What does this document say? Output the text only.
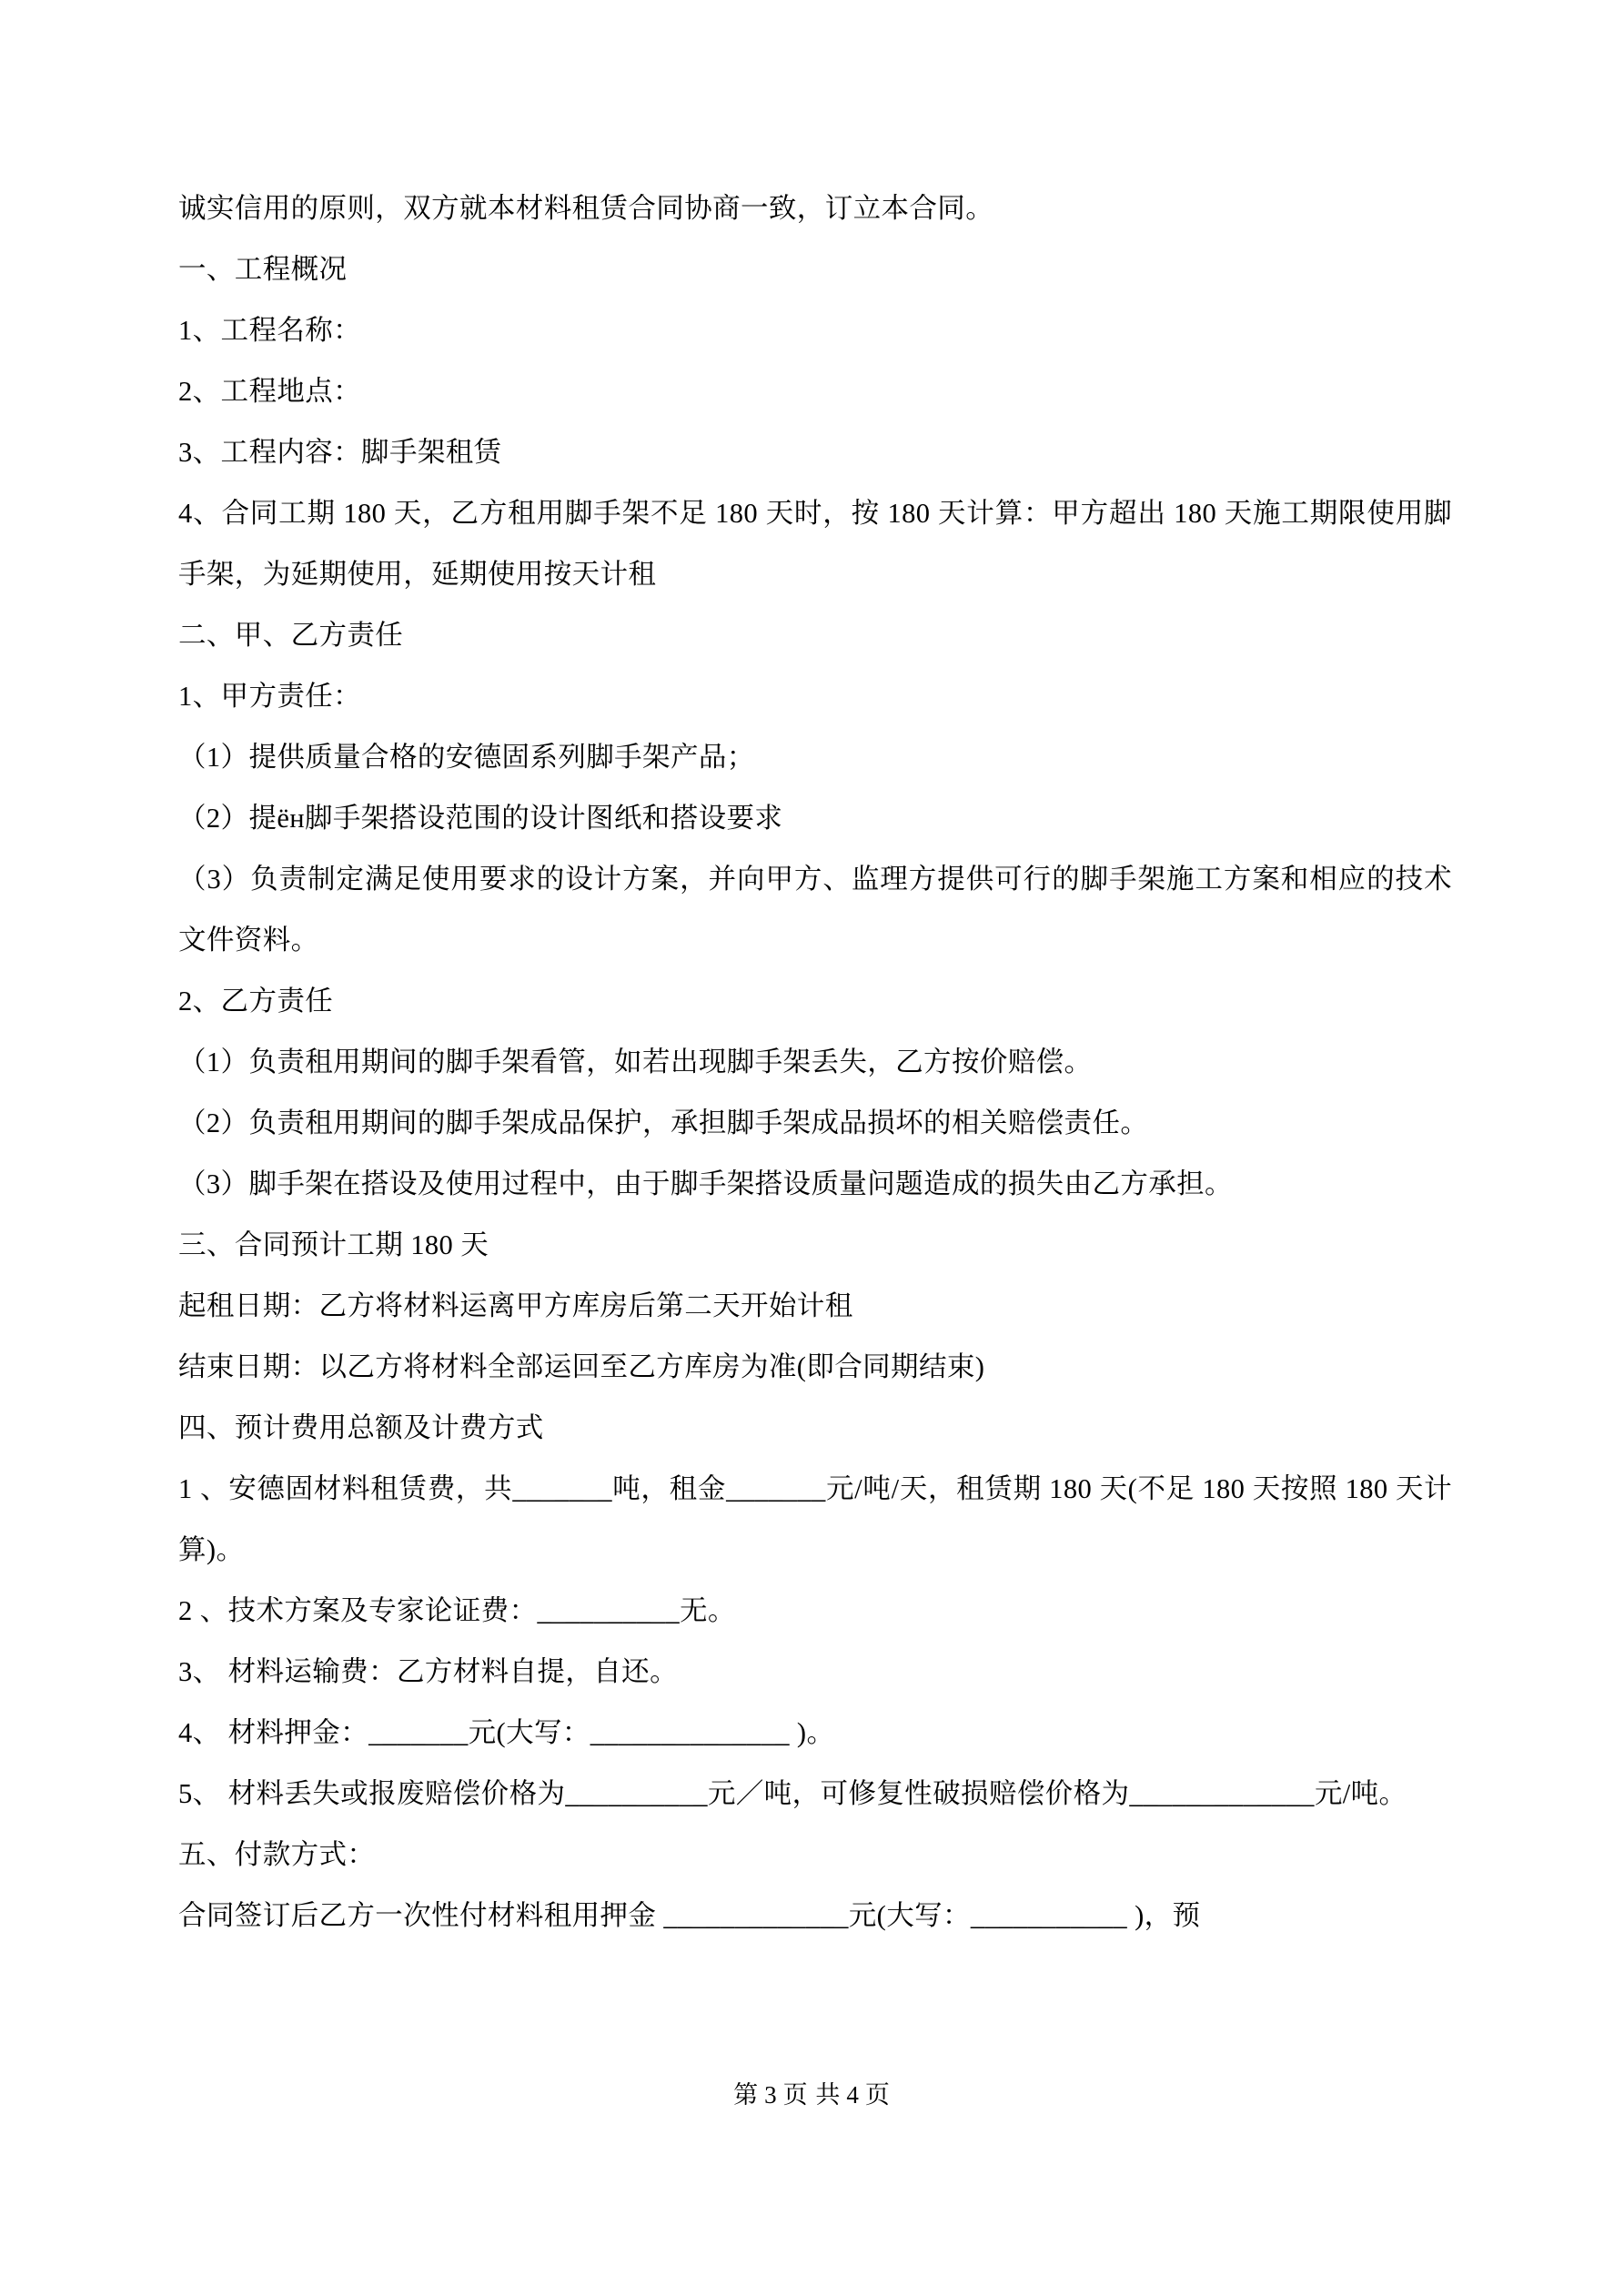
诚实信用的原则，双方就本材料租赁合同协商一致，订立本合同。

一、工程概况

1、工程名称：

2、工程地点：

3、工程内容：脚手架租赁

4、合同工期 180 天，乙方租用脚手架不足 180 天时，按 180 天计算：甲方超出 180 天施工期限使用脚手架，为延期使用，延期使用按天计租

二、甲、乙方责任

1、甲方责任：

（1）提供质量合格的安德固系列脚手架产品；

（2）提ён脚手架搭设范围的设计图纸和搭设要求

（3）负责制定满足使用要求的设计方案，并向甲方、监理方提供可行的脚手架施工方案和相应的技术文件资料。

2、乙方责任

（1）负责租用期间的脚手架看管，如若出现脚手架丢失，乙方按价赔偿。

（2）负责租用期间的脚手架成品保护，承担脚手架成品损坏的相关赔偿责任。

（3）脚手架在搭设及使用过程中，由于脚手架搭设质量问题造成的损失由乙方承担。

三、合同预计工期 180 天

起租日期：乙方将材料运离甲方库房后第二天开始计租

结束日期：以乙方将材料全部运回至乙方库房为准(即合同期结束)

四、预计费用总额及计费方式

1 、安德固材料租赁费，共_______吨，租金_______元/吨/天，租赁期 180 天(不足 180 天按照 180 天计算)。

2 、技术方案及专家论证费：__________无。

3、 材料运输费：乙方材料自提，自还。

4、 材料押金：_______元(大写：______________ )。

5、 材料丢失或报废赔偿价格为__________元／吨，可修复性破损赔偿价格为_____________元/吨。

五、付款方式：

合同签订后乙方一次性付材料租用押金 _____________元(大写：___________ )，预

第 3 页 共 4 页
